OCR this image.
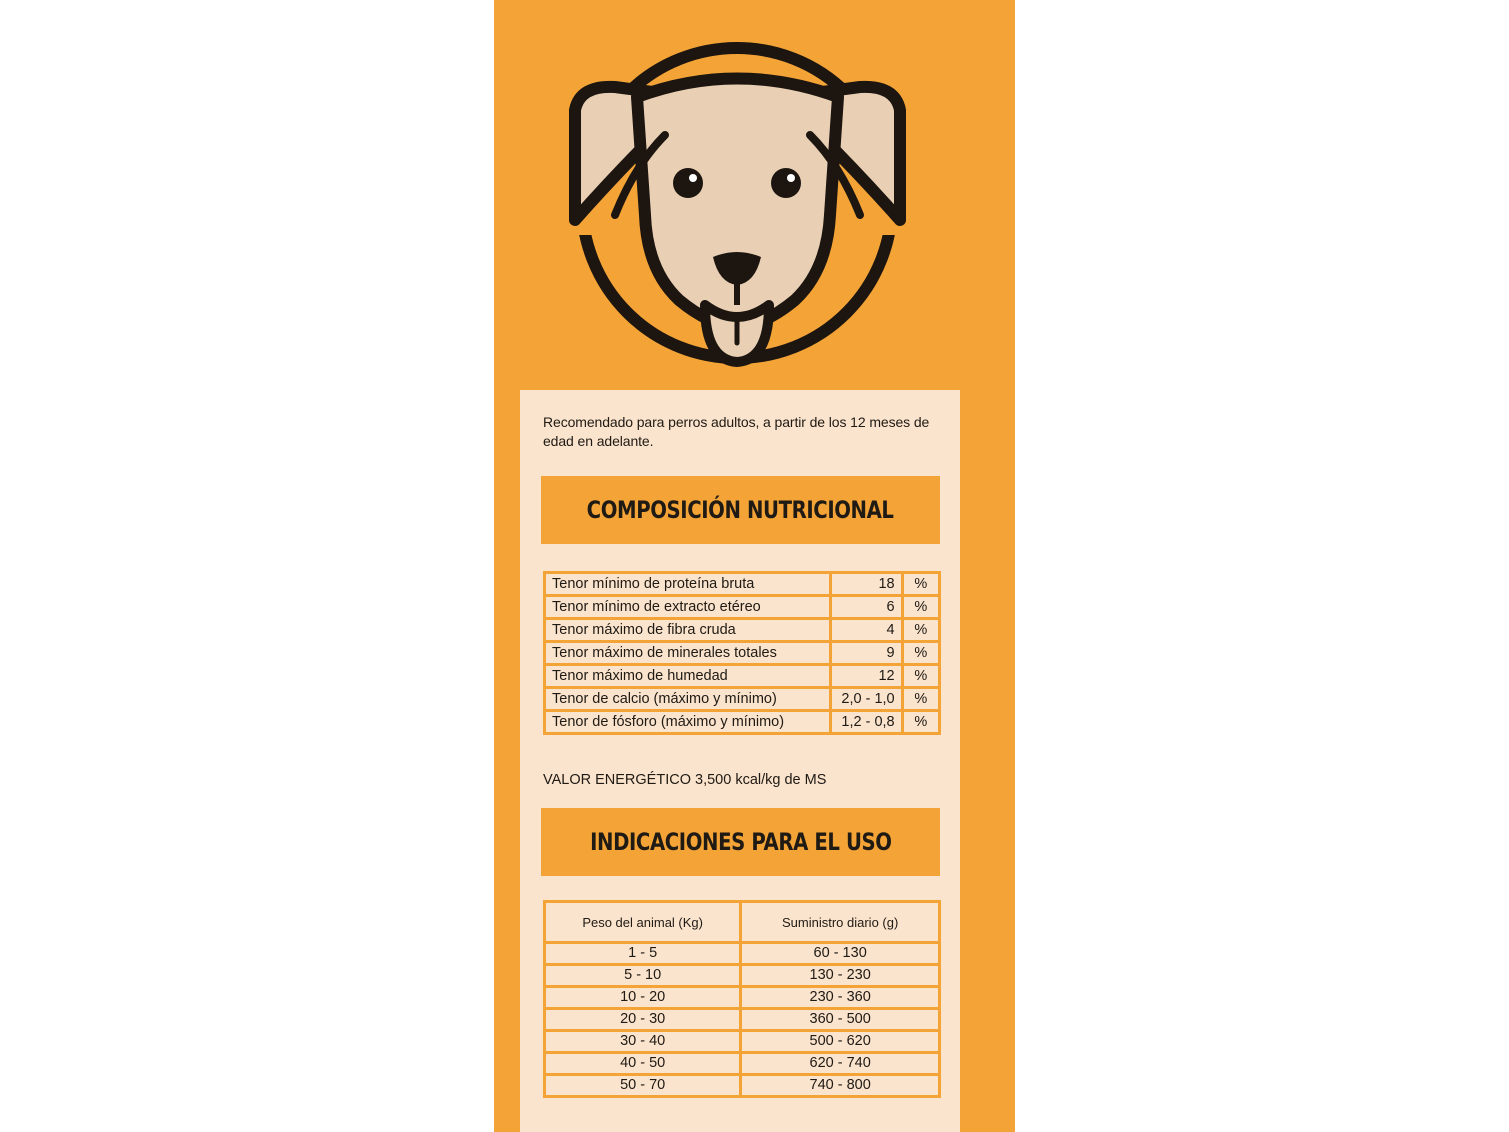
Recomendado para perros adultos, a partir de los 12 meses de edad en adelante.
COMPOSICIÓN NUTRICIONAL
Tenor mínimo de proteína bruta	18	%
Tenor mínimo de extracto etéreo	6	%
Tenor máximo de fibra cruda	4	%
Tenor máximo de minerales totales	9	%
Tenor máximo de humedad	12	%
Tenor de calcio (máximo y mínimo)	2,0 - 1,0	%
Tenor de fósforo (máximo y mínimo)	1,2 - 0,8	%
VALOR ENERGÉTICO 3,500 kcal/kg de MS
INDICACIONES PARA EL USO
Peso del animal (Kg)	Suministro diario (g)
1 - 5	60 - 130
5 - 10	130 - 230
10 - 20	230 - 360
20 - 30	360 - 500
30 - 40	500 - 620
40 - 50	620 - 740
50 - 70	740 - 800
